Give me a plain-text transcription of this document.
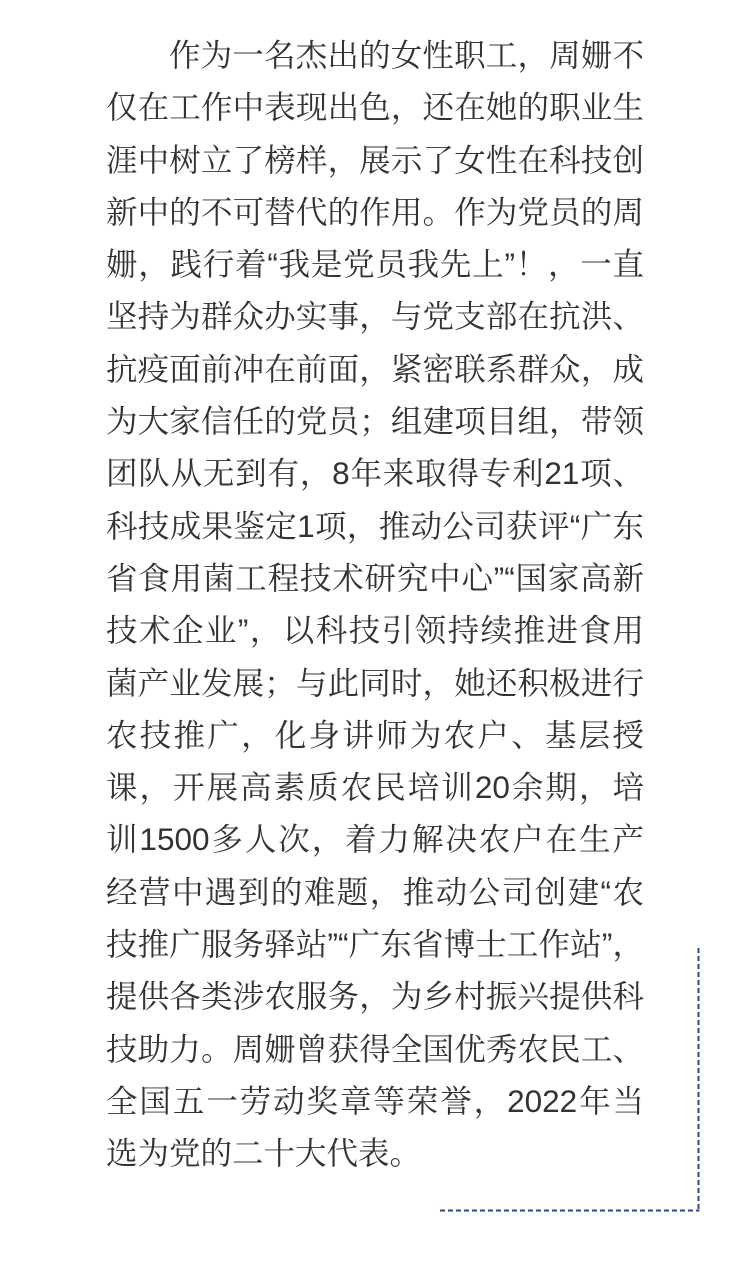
作为一名杰出的女性职工，周姗不仅在工作中表现出色，还在她的职业生涯中树立了榜样，展示了女性在科技创新中的不可替代的作用。作为党员的周姗，践行着“我是党员我先上”！，一直坚持为群众办实事，与党支部在抗洪、抗疫面前冲在前面，紧密联系群众，成为大家信任的党员；组建项目组，带领团队从无到有，8年来取得专利21项、科技成果鉴定1项，推动公司获评“广东省食用菌工程技术研究中心”“国家高新技术企业”，以科技引领持续推进食用菌产业发展；与此同时，她还积极进行农技推广，化身讲师为农户、基层授课，开展高素质农民培训20余期，培训1500多人次，着力解决农户在生产经营中遇到的难题，推动公司创建“农技推广服务驿站”“广东省博士工作站”，提供各类涉农服务，为乡村振兴提供科技助力。周姗曾获得全国优秀农民工、全国五一劳动奖章等荣誉，2022年当选为党的二十大代表。
